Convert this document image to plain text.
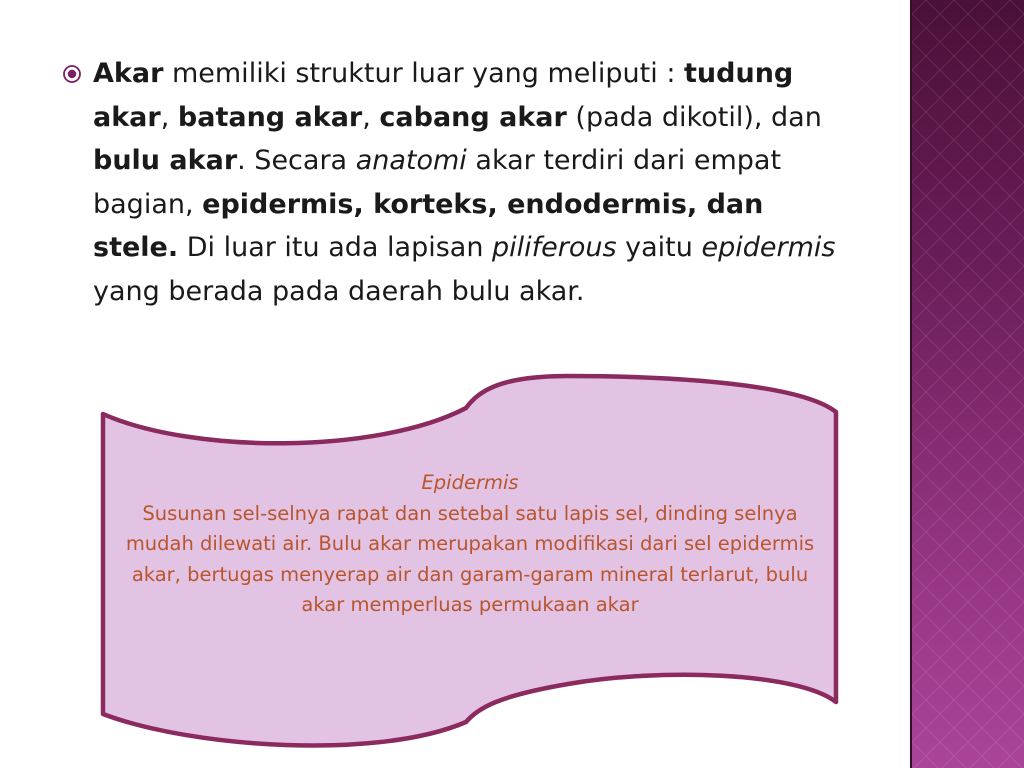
Akar memiliki struktur luar yang meliputi : tudung akar, batang akar, cabang akar (pada dikotil), dan bulu akar. Secara anatomi akar terdiri dari empat bagian, epidermis, korteks, endodermis, dan stele. Di luar itu ada lapisan piliferous yaitu epidermis yang berada pada daerah bulu akar.
Epidermis
Susunan sel-selnya rapat dan setebal satu lapis sel, dinding selnya mudah dilewati air. Bulu akar merupakan modifikasi dari sel epidermis akar, bertugas menyerap air dan garam-garam mineral terlarut, bulu akar memperluas permukaan akar
